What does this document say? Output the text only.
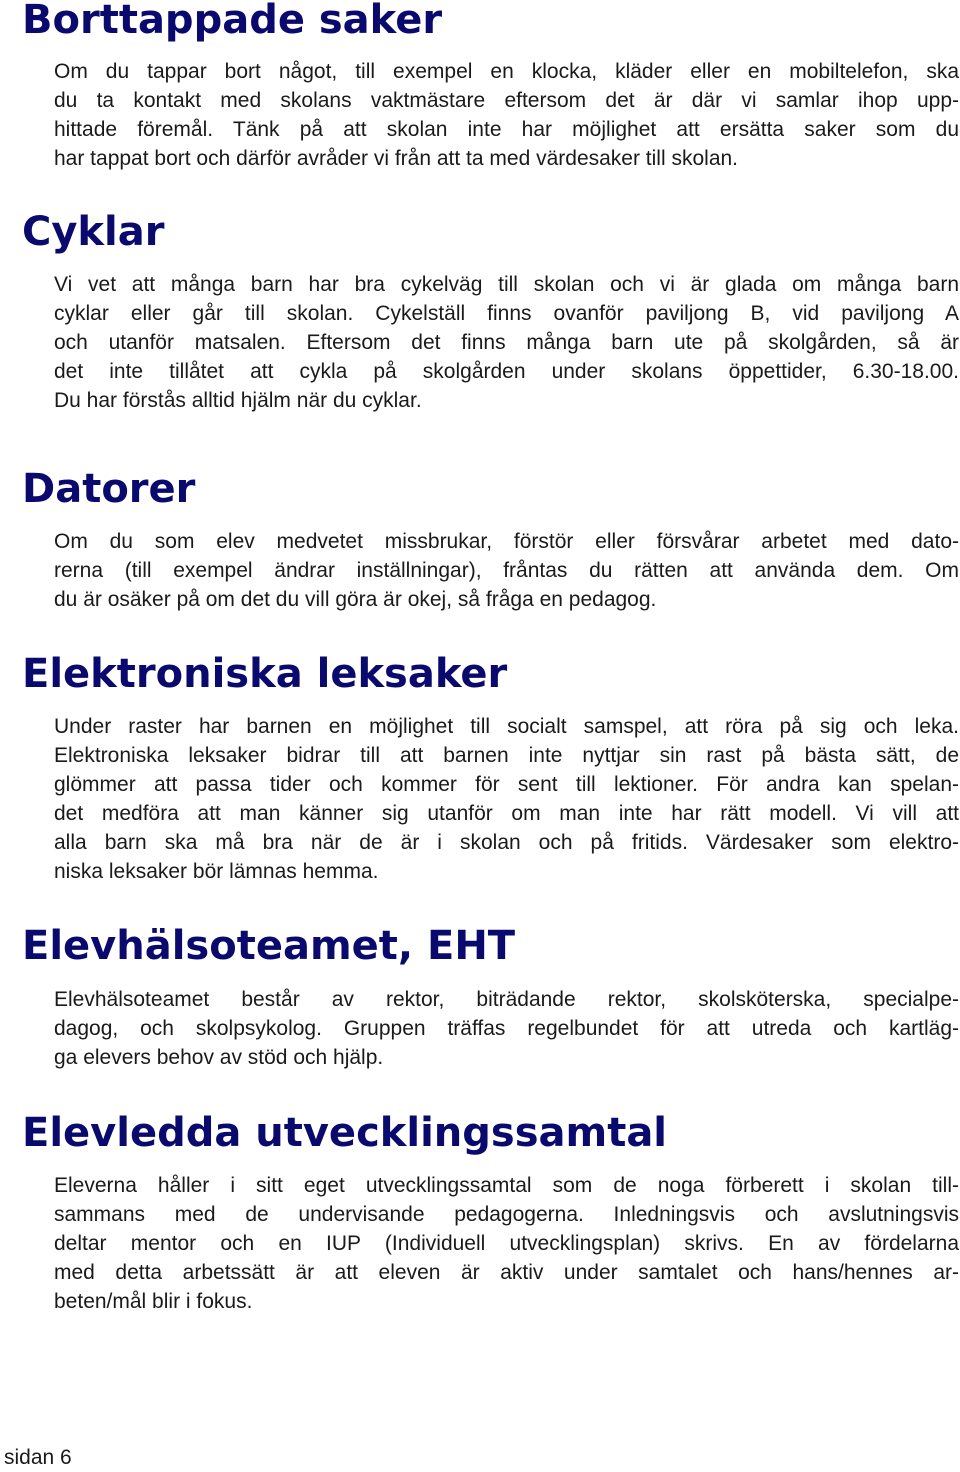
Borttappade saker
Om du tappar bort något, till exempel en klocka, kläder eller en mobiltelefon, ska
du ta kontakt med skolans vaktmästare eftersom det är där vi samlar ihop upp-
hittade föremål. Tänk på att skolan inte har möjlighet att ersätta saker som du
har tappat bort och därför avråder vi från att ta med värdesaker till skolan.
Cyklar
Vi vet att många barn har bra cykelväg till skolan och vi är glada om många barn
cyklar eller går till skolan. Cykelställ finns ovanför paviljong B, vid paviljong A
och utanför matsalen. Eftersom det finns många barn ute på skolgården, så är
det inte tillåtet att cykla på skolgården under skolans öppettider, 6.30-18.00.
Du har förstås alltid hjälm när du cyklar.
Datorer
Om du som elev medvetet missbrukar, förstör eller försvårar arbetet med dato-
rerna (till exempel ändrar inställningar), fråntas du rätten att använda dem. Om
du är osäker på om det du vill göra är okej, så fråga en pedagog.
Elektroniska leksaker
Under raster har barnen en möjlighet till socialt samspel, att röra på sig och leka.
Elektroniska leksaker bidrar till att barnen inte nyttjar sin rast på bästa sätt, de
glömmer att passa tider och kommer för sent till lektioner. För andra kan spelan-
det medföra att man känner sig utanför om man inte har rätt modell. Vi vill att
alla barn ska må bra när de är i skolan och på fritids. Värdesaker som elektro-
niska leksaker bör lämnas hemma.
Elevhälsoteamet, EHT
Elevhälsoteamet består av rektor, biträdande rektor, skolsköterska, specialpe-
dagog, och skolpsykolog. Gruppen träffas regelbundet för att utreda och kartläg-
ga elevers behov av stöd och hjälp.
Elevledda utvecklingssamtal
Eleverna håller i sitt eget utvecklingssamtal som de noga förberett i skolan till-
sammans med de undervisande pedagogerna. Inledningsvis och avslutningsvis
deltar mentor och en IUP (Individuell utvecklingsplan) skrivs. En av fördelarna
med detta arbetssätt är att eleven är aktiv under samtalet och hans/hennes ar-
beten/mål blir i fokus.
sidan 6
